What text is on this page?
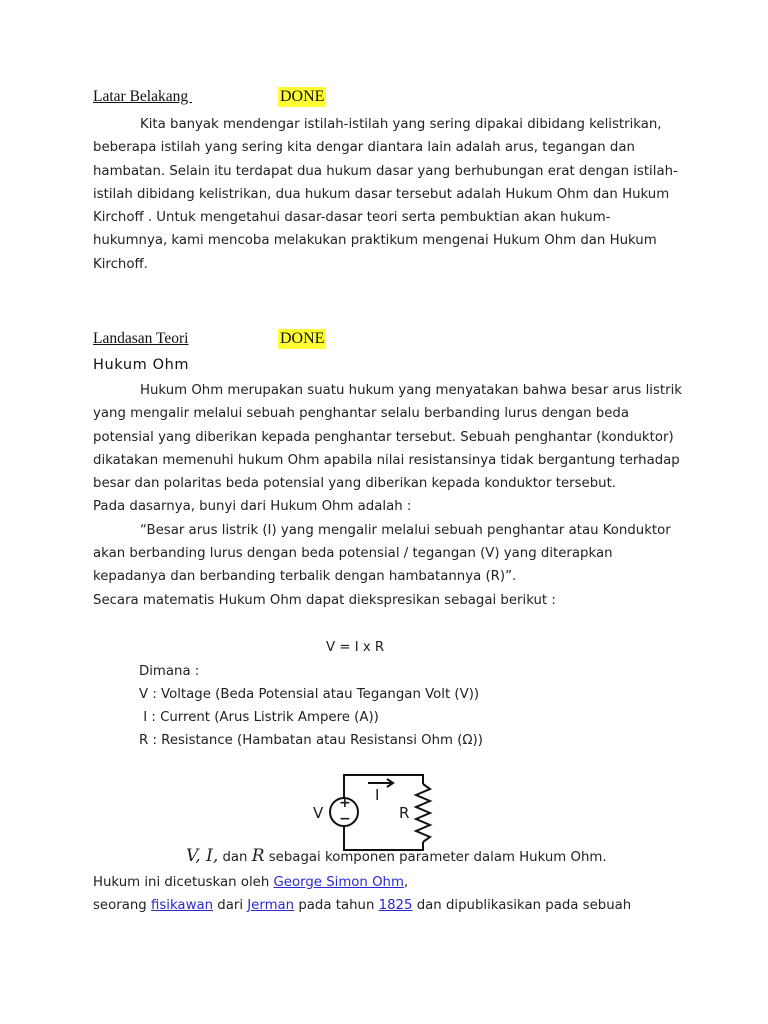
Latar Belakang	DONE

Kita banyak mendengar istilah-istilah yang sering dipakai dibidang kelistrikan, beberapa istilah yang sering kita dengar diantara lain adalah arus, tegangan dan hambatan. Selain itu terdapat dua hukum dasar yang berhubungan erat dengan istilah-istilah dibidang kelistrikan, dua hukum dasar tersebut adalah Hukum Ohm dan Hukum Kirchoff . Untuk mengetahui dasar-dasar teori serta pembuktian akan hukum-hukumnya, kami mencoba melakukan praktikum mengenai Hukum Ohm dan Hukum Kirchoff.

Landasan Teori	DONE
Hukum Ohm

Hukum Ohm merupakan suatu hukum yang menyatakan bahwa besar arus listrik yang mengalir melalui sebuah penghantar selalu berbanding lurus dengan beda potensial yang diberikan kepada penghantar tersebut. Sebuah penghantar (konduktor) dikatakan memenuhi hukum Ohm apabila nilai resistansinya tidak bergantung terhadap besar dan polaritas beda potensial yang diberikan kepada konduktor tersebut.

Pada dasarnya, bunyi dari Hukum Ohm adalah :

“Besar arus listrik (I) yang mengalir melalui sebuah penghantar atau Konduktor akan berbanding lurus dengan beda potensial / tegangan (V) yang diterapkan kepadanya dan berbanding terbalik dengan hambatannya (R)”.

Secara matematis Hukum Ohm dapat diekspresikan sebagai berikut :

V = I x R
Dimana :
V : Voltage (Beda Potensial atau Tegangan Volt (V))
I : Current (Arus Listrik Ampere (A))
R : Resistance (Hambatan atau Resistansi Ohm (Ω))
V
+
−
I
R
V, I, dan R sebagai komponen parameter dalam Hukum Ohm.
Hukum ini dicetuskan oleh George Simon Ohm,
seorang fisikawan dari Jerman pada tahun 1825 dan dipublikasikan pada sebuah
